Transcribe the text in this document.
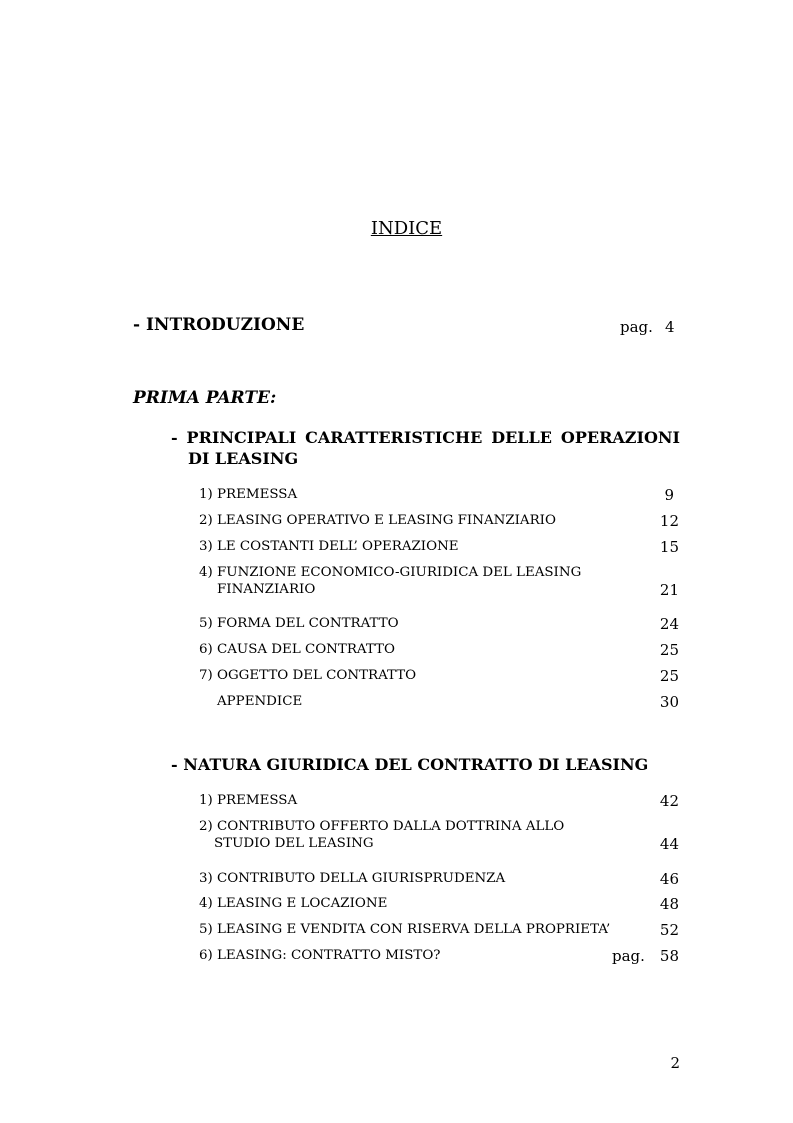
INDICE
- INTRODUZIONE	pag. 4
PRIMA PARTE:
- PRINCIPALI CARATTERISTICHE DELLE OPERAZIONI
DI LEASING
1) PREMESSA	9
2) LEASING OPERATIVO E LEASING FINANZIARIO	12
3) LE COSTANTI DELL’ OPERAZIONE	15
4) FUNZIONE ECONOMICO-GIURIDICA DEL LEASING
FINANZIARIO	21
5) FORMA DEL CONTRATTO	24
6) CAUSA DEL CONTRATTO	25
7) OGGETTO DEL CONTRATTO	25
APPENDICE	30
- NATURA GIURIDICA DEL CONTRATTO DI LEASING
1) PREMESSA	42
2) CONTRIBUTO OFFERTO DALLA DOTTRINA ALLO
STUDIO DEL LEASING	44
3) CONTRIBUTO DELLA GIURISPRUDENZA	46
4) LEASING E LOCAZIONE	48
5) LEASING E VENDITA CON RISERVA DELLA PROPRIETA’	52
6) LEASING: CONTRATTO MISTO?	pag. 58
2
